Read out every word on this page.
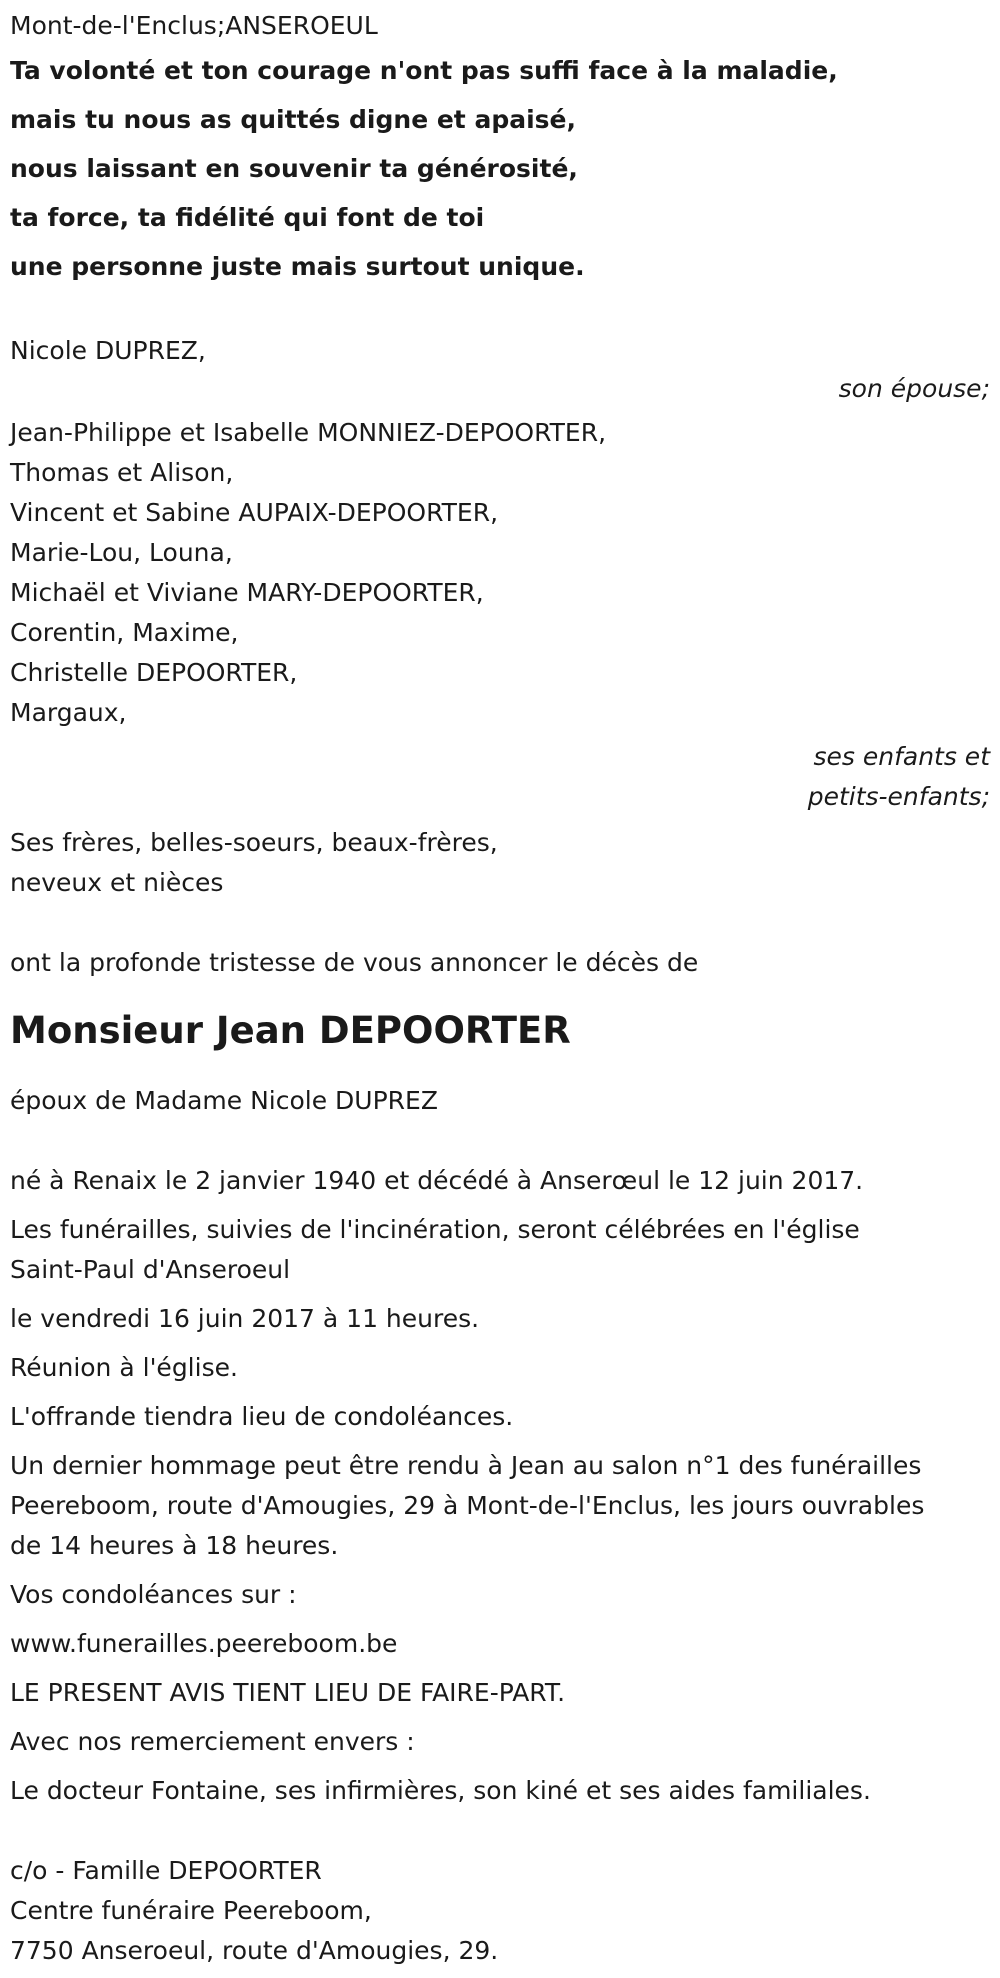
Mont-de-l'Enclus;ANSEROEUL
Ta volonté et ton courage n'ont pas suffi face à la maladie,
mais tu nous as quittés digne et apaisé,
nous laissant en souvenir ta générosité,
ta force, ta fidélité qui font de toi
une personne juste mais surtout unique.
Nicole DUPREZ,
son épouse;
Jean-Philippe et Isabelle MONNIEZ-DEPOORTER,
Thomas et Alison,
Vincent et Sabine AUPAIX-DEPOORTER,
Marie-Lou, Louna,
Michaël et Viviane MARY-DEPOORTER,
Corentin, Maxime,
Christelle DEPOORTER,
Margaux,
ses enfants et
petits-enfants;
Ses frères, belles-soeurs, beaux-frères,
neveux et nièces
ont la profonde tristesse de vous annoncer le décès de
Monsieur Jean DEPOORTER
époux de Madame Nicole DUPREZ
né à Renaix le 2 janvier 1940 et décédé à Anserœul le 12 juin 2017.
Les funérailles, suivies de l'incinération, seront célébrées en l'église
Saint-Paul d'Anseroeul
le vendredi 16 juin 2017 à 11 heures.
Réunion à l'église.
L'offrande tiendra lieu de condoléances.
Un dernier hommage peut être rendu à Jean au salon n°1 des funérailles
Peereboom, route d'Amougies, 29 à Mont-de-l'Enclus, les jours ouvrables
de 14 heures à 18 heures.
Vos condoléances sur :
www.funerailles.peereboom.be
LE PRESENT AVIS TIENT LIEU DE FAIRE-PART.
Avec nos remerciement envers :
Le docteur Fontaine, ses infirmières, son kiné et ses aides familiales.
c/o - Famille DEPOORTER
Centre funéraire Peereboom,
7750 Anseroeul, route d'Amougies, 29.
